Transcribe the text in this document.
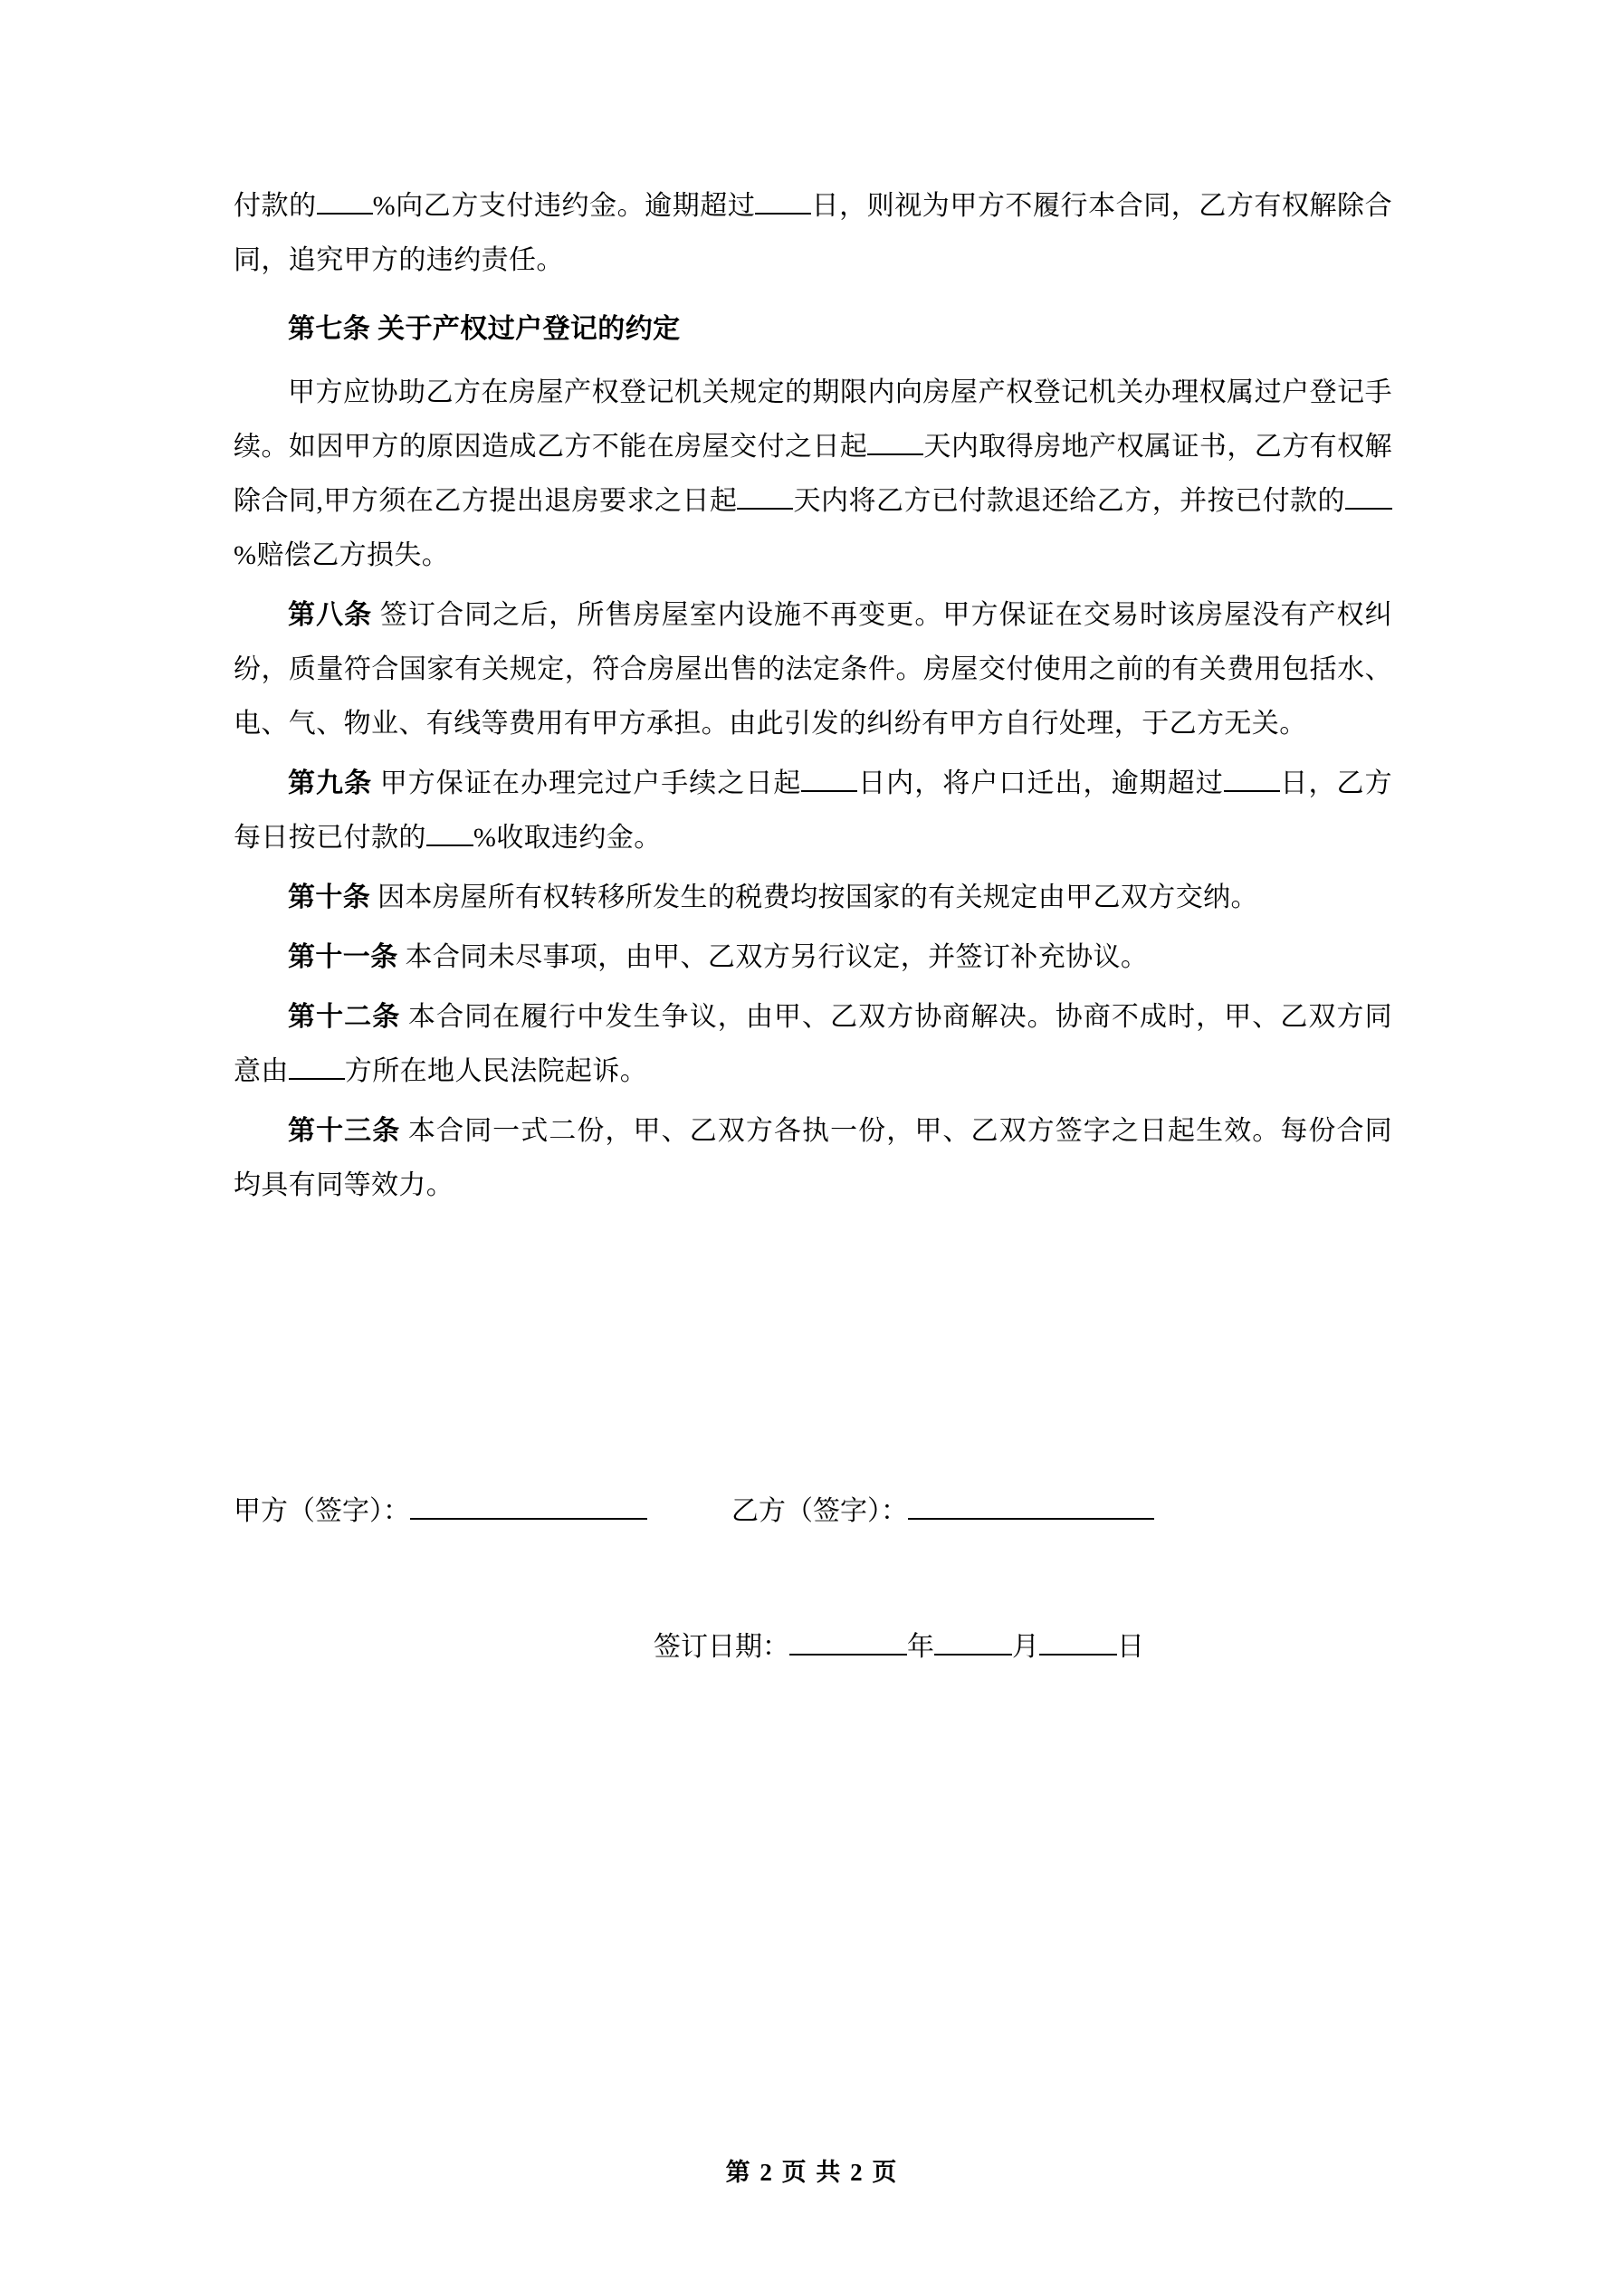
付款的 %向乙方支付违约金。逾期超过 日，则视为甲方不履行本合同，乙方有权解除合同，追究甲方的违约责任。

第七条 关于产权过户登记的约定

甲方应协助乙方在房屋产权登记机关规定的期限内向房屋产权登记机关办理权属过户登记手续。如因甲方的原因造成乙方不能在房屋交付之日起 天内取得房地产权属证书，乙方有权解除合同,甲方须在乙方提出退房要求之日起 天内将乙方已付款退还给乙方，并按已付款的%赔偿乙方损失。

第八条 签订合同之后，所售房屋室内设施不再变更。甲方保证在交易时该房屋没有产权纠纷，质量符合国家有关规定，符合房屋出售的法定条件。房屋交付使用之前的有关费用包括水、电、气、物业、有线等费用有甲方承担。由此引发的纠纷有甲方自行处理，于乙方无关。

第九条 甲方保证在办理完过户手续之日起 日内，将户口迁出，逾期超过 日，乙方每日按已付款的 %收取违约金。

第十条 因本房屋所有权转移所发生的税费均按国家的有关规定由甲乙双方交纳。

第十一条 本合同未尽事项，由甲、乙双方另行议定，并签订补充协议。

第十二条 本合同在履行中发生争议，由甲、乙双方协商解决。协商不成时，甲、乙双方同意由 方所在地人民法院起诉。

第十三条 本合同一式二份，甲、乙双方各执一份，甲、乙双方签字之日起生效。每份合同均具有同等效力。

甲方（签字）：	乙方（签字）：
签订日期：	年	月	日
第 2 页 共 2 页
